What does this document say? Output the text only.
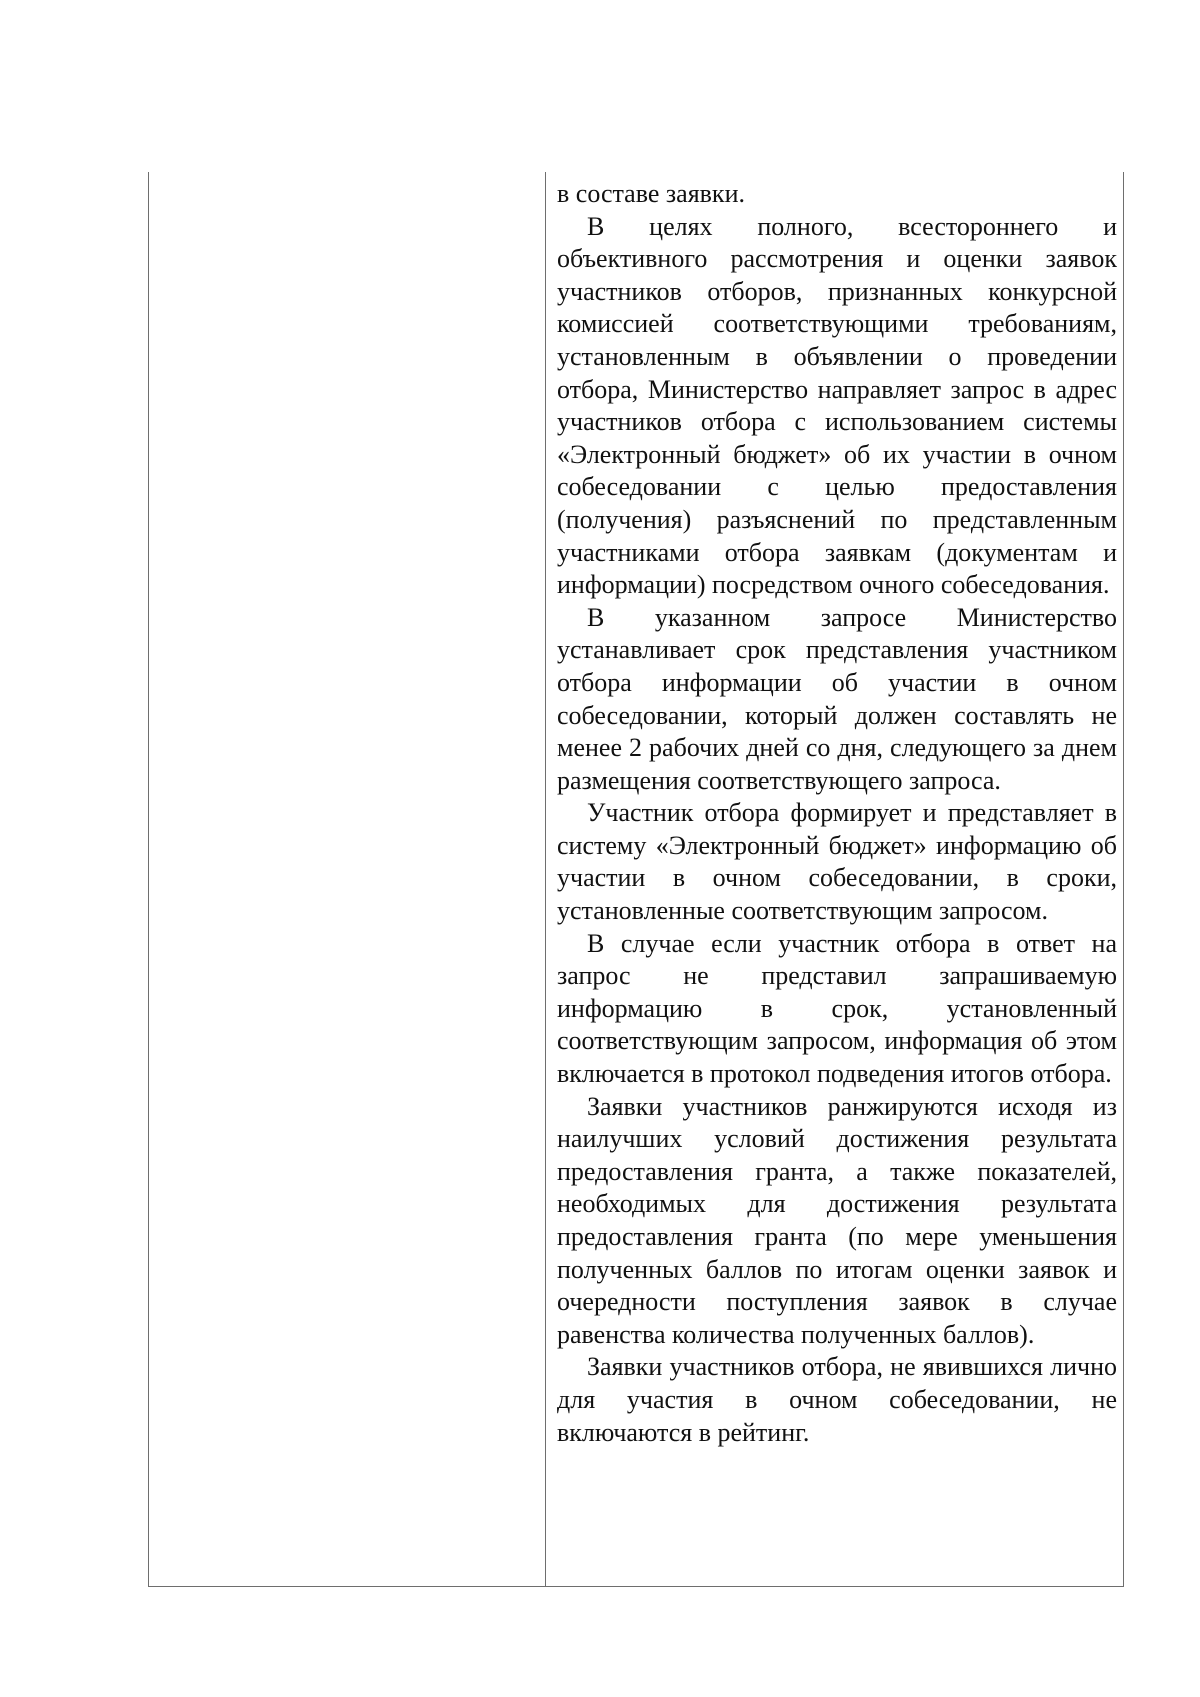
в составе заявки.

В целях полного, всестороннего и объективного рассмотрения и оценки заявок участников отборов, признанных конкурсной комиссией соответствующими требованиям, установленным в объявлении о проведении отбора, Министерство направляет запрос в адрес участников отбора с использованием системы «Электронный бюджет» об их участии в очном собеседовании с целью предоставления (получения) разъяснений по представленным участниками отбора заявкам (документам и информации) посредством очного собеседования.

В указанном запросе Министерство устанавливает срок представления участником отбора информации об участии в очном собеседовании, который должен составлять не менее 2 рабочих дней со дня, следующего за днем размещения соответствующего запроса.

Участник отбора формирует и представляет в систему «Электронный бюджет» информацию об участии в очном собеседовании, в сроки, установленные соответствующим запросом.

В случае если участник отбора в ответ на запрос не представил запрашиваемую информацию в срок, установленный соответствующим запросом, информация об этом включается в протокол подведения итогов отбора.

Заявки участников ранжируются исходя из наилучших условий достижения результата предоставления гранта, а также показателей, необходимых для достижения результата предоставления гранта (по мере уменьшения полученных баллов по итогам оценки заявок и очередности поступления заявок в случае равенства количества полученных баллов).

Заявки участников отбора, не явившихся лично для участия в очном собеседовании, не включаются в рейтинг.
